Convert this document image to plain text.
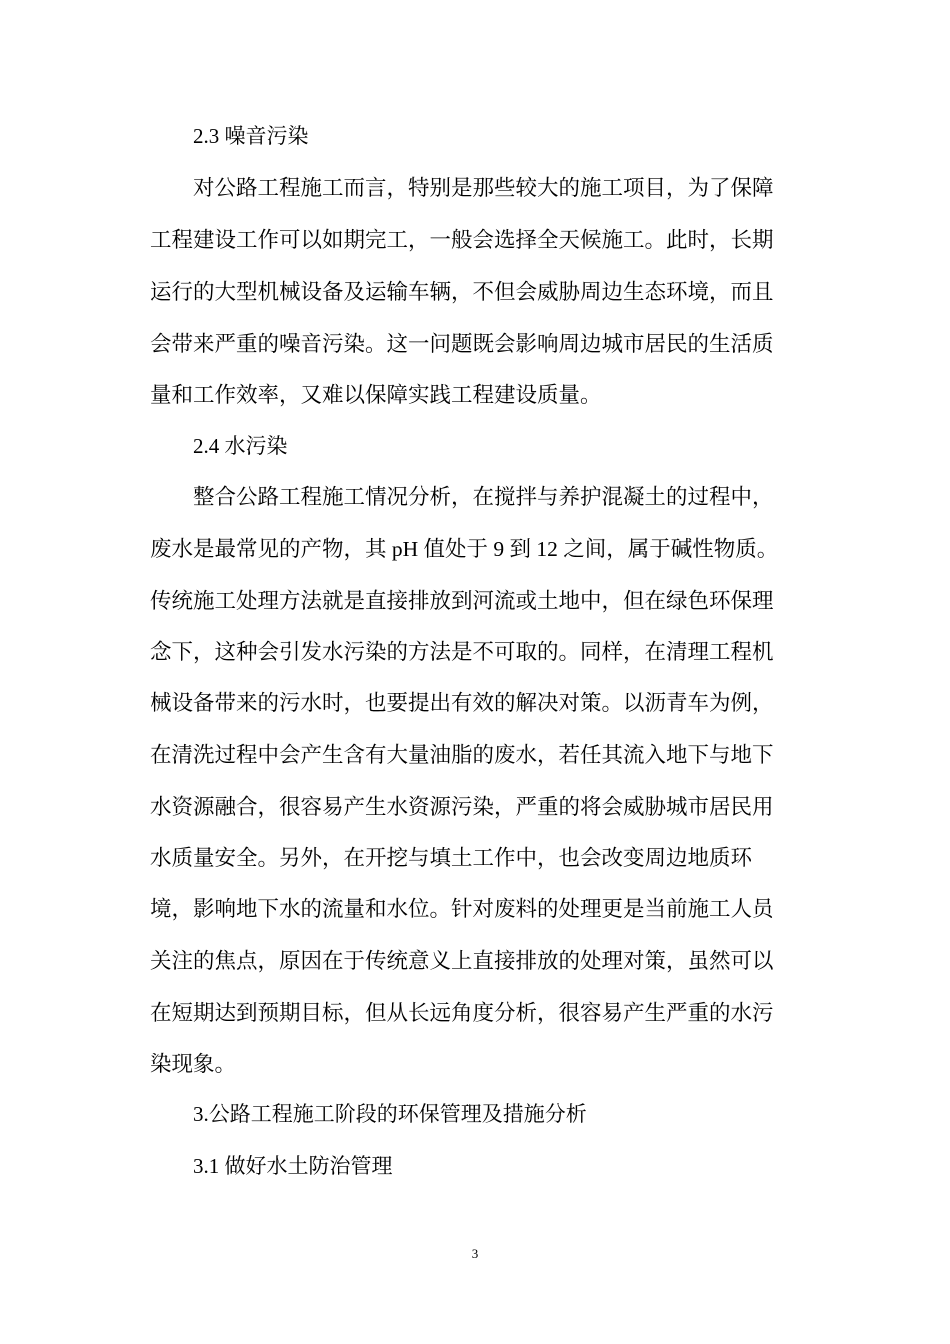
2.3 噪音污染
对公路工程施工而言，特别是那些较大的施工项目，为了保障
工程建设工作可以如期完工，一般会选择全天候施工。此时，长期
运行的大型机械设备及运输车辆，不但会威胁周边生态环境，而且
会带来严重的噪音污染。这一问题既会影响周边城市居民的生活质
量和工作效率，又难以保障实践工程建设质量。
2.4 水污染
整合公路工程施工情况分析，在搅拌与养护混凝土的过程中，
废水是最常见的产物，其 pH 值处于 9 到 12 之间，属于碱性物质。
传统施工处理方法就是直接排放到河流或土地中，但在绿色环保理
念下，这种会引发水污染的方法是不可取的。同样，在清理工程机
械设备带来的污水时，也要提出有效的解决对策。以沥青车为例，
在清洗过程中会产生含有大量油脂的废水，若任其流入地下与地下
水资源融合，很容易产生水资源污染，严重的将会威胁城市居民用
水质量安全。另外，在开挖与填土工作中，也会改变周边地质环
境，影响地下水的流量和水位。针对废料的处理更是当前施工人员
关注的焦点，原因在于传统意义上直接排放的处理对策，虽然可以
在短期达到预期目标，但从长远角度分析，很容易产生严重的水污
染现象。
3.公路工程施工阶段的环保管理及措施分析
3.1 做好水土防治管理
3
